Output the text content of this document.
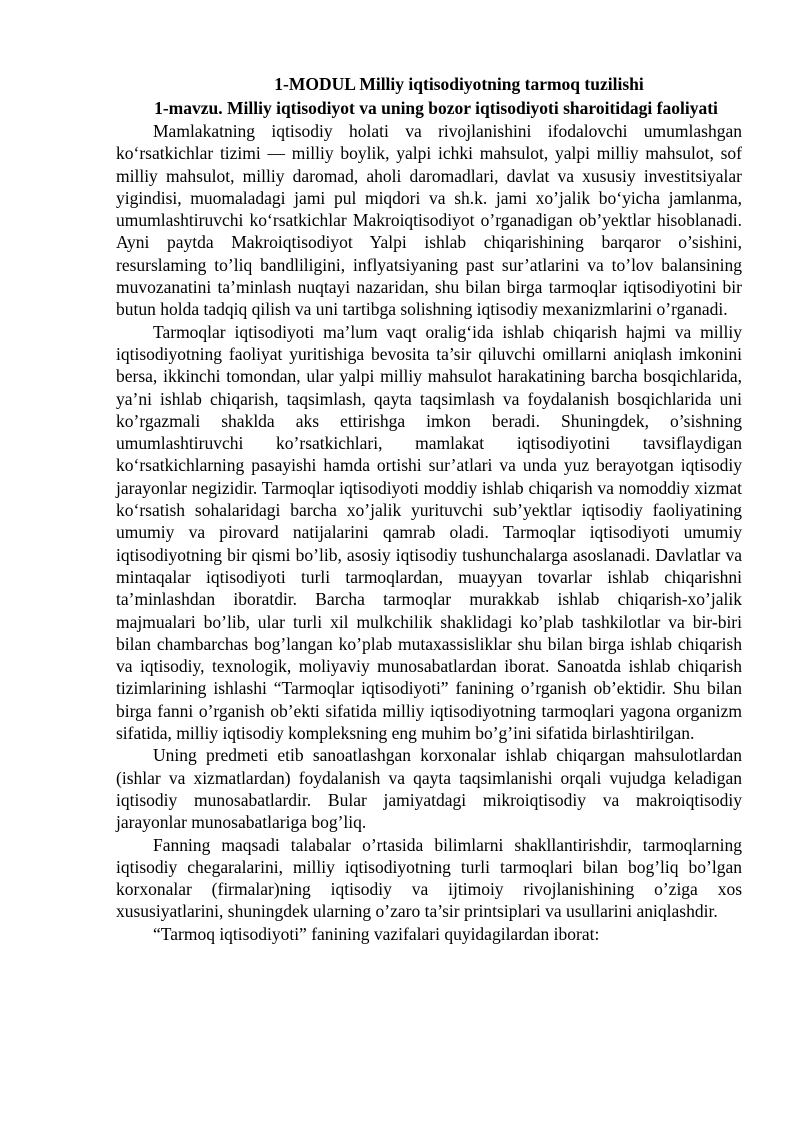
1-MODUL Milliy iqtisodiyotning tarmoq tuzilishi
1-mavzu. Milliy iqtisodiyot va uning bozor iqtisodiyoti sharoitidagi faoliyati

Mamlakatning iqtisodiy holati va rivojlanishini ifodalovchi umumlashgan koʻrsatkichlar tizimi — milliy boylik, yalpi ichki mahsulot, yalpi milliy mahsulot, sof milliy mahsulot, milliy daromad, aholi daromadlari, davlat va xususiy investitsiyalar yigindisi, muomaladagi jami pul miqdori va sh.k. jami xo’jalik boʻyicha jamlanma, umumlashtiruvchi koʻrsatkichlar Makroiqtisodiyot o’rganadigan ob’yektlar hisoblanadi. Ayni paytda Makroiqtisodiyot Yalpi ishlab chiqarishining barqaror o’sishini, resurslaming to’liq bandliligini, inflyatsiyaning past sur’atlarini va to’lov balansining muvozanatini ta’minlash nuqtayi nazaridan, shu bilan birga tarmoqlar iqtisodiyotini bir butun holda tadqiq qilish va uni tartibga solishning iqtisodiy mexanizmlarini o’rganadi.

Tarmoqlar iqtisodiyoti ma’lum vaqt oraligʻida ishlab chiqarish hajmi va milliy iqtisodiyotning faoliyat yuritishiga bevosita ta’sir qiluvchi omillarni aniqlash imkonini bersa, ikkinchi tomondan, ular yalpi milliy mahsulot harakatining barcha bosqichlarida, ya’ni ishlab chiqarish, taqsimlash, qayta taqsimlash va foydalanish bosqichlarida uni ko’rgazmali shaklda aks ettirishga imkon beradi. Shuningdek, o’sishning umumlashtiruvchi ko’rsatkichlari, mamlakat iqtisodiyotini tavsiflaydigan koʻrsatkichlarning pasayishi hamda ortishi sur’atlari va unda yuz berayotgan iqtisodiy jarayonlar negizidir. Tarmoqlar iqtisodiyoti moddiy ishlab chiqarish va nomoddiy xizmat koʻrsatish sohalaridagi barcha xo’jalik yurituvchi sub’yektlar iqtisodiy faoliyatining umumiy va pirovard natijalarini qamrab oladi. Tarmoqlar iqtisodiyoti umumiy iqtisodiyotning bir qismi bo’lib, asosiy iqtisodiy tushunchalarga asoslanadi. Davlatlar va mintaqalar iqtisodiyoti turli tarmoqlardan, muayyan tovarlar ishlab chiqarishni ta’minlashdan iboratdir. Barcha tarmoqlar murakkab ishlab chiqarish-xo’jalik majmualari bo’lib, ular turli xil mulkchilik shaklidagi ko’plab tashkilotlar va bir-biri bilan chambarchas bog’langan ko’plab mutaxassisliklar shu bilan birga ishlab chiqarish va iqtisodiy, texnologik, moliyaviy munosabatlardan iborat. Sanoatda ishlab chiqarish tizimlarining ishlashi “Tarmoqlar iqtisodiyoti” fanining o’rganish ob’ektidir. Shu bilan birga fanni o’rganish ob’ekti sifatida milliy iqtisodiyotning tarmoqlari yagona organizm sifatida, milliy iqtisodiy kompleksning eng muhim bo’g’ini sifatida birlashtirilgan.

Uning predmeti etib sanoatlashgan korxonalar ishlab chiqargan mahsulotlardan (ishlar va xizmatlardan) foydalanish va qayta taqsimlanishi orqali vujudga keladigan iqtisodiy munosabatlardir. Bular jamiyatdagi mikroiqtisodiy va makroiqtisodiy jarayonlar munosabatlariga bog’liq.

Fanning maqsadi talabalar o’rtasida bilimlarni shakllantirishdir, tarmoqlarning iqtisodiy chegaralarini, milliy iqtisodiyotning turli tarmoqlari bilan bog’liq bo’lgan korxonalar (firmalar)ning iqtisodiy va ijtimoiy rivojlanishining o’ziga xos xususiyatlarini, shuningdek ularning o’zaro ta’sir printsiplari va usullarini aniqlashdir.

“Tarmoq iqtisodiyoti” fanining vazifalari quyidagilardan iborat:
